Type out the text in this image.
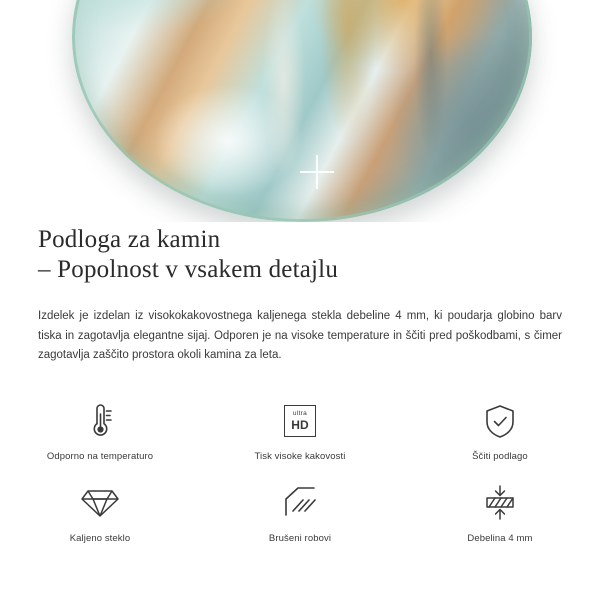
Podloga za kamin
– Popolnost v vsakem detajlu

Izdelek je izdelan iz visokokakovostnega kaljenega stekla debeline 4 mm, ki poudarja globino barv tiska in zagotavlja elegantne sijaj. Odporen je na visoke temperature in ščiti pred poškodbami, s čimer zagotavlja zaščito prostora okoli kamina za leta.

Odporno na temperaturo
ultra
HD
Tisk visoke kakovosti	Ščiti podlago
Kaljeno steklo	Brušeni robovi	Debelina 4 mm
